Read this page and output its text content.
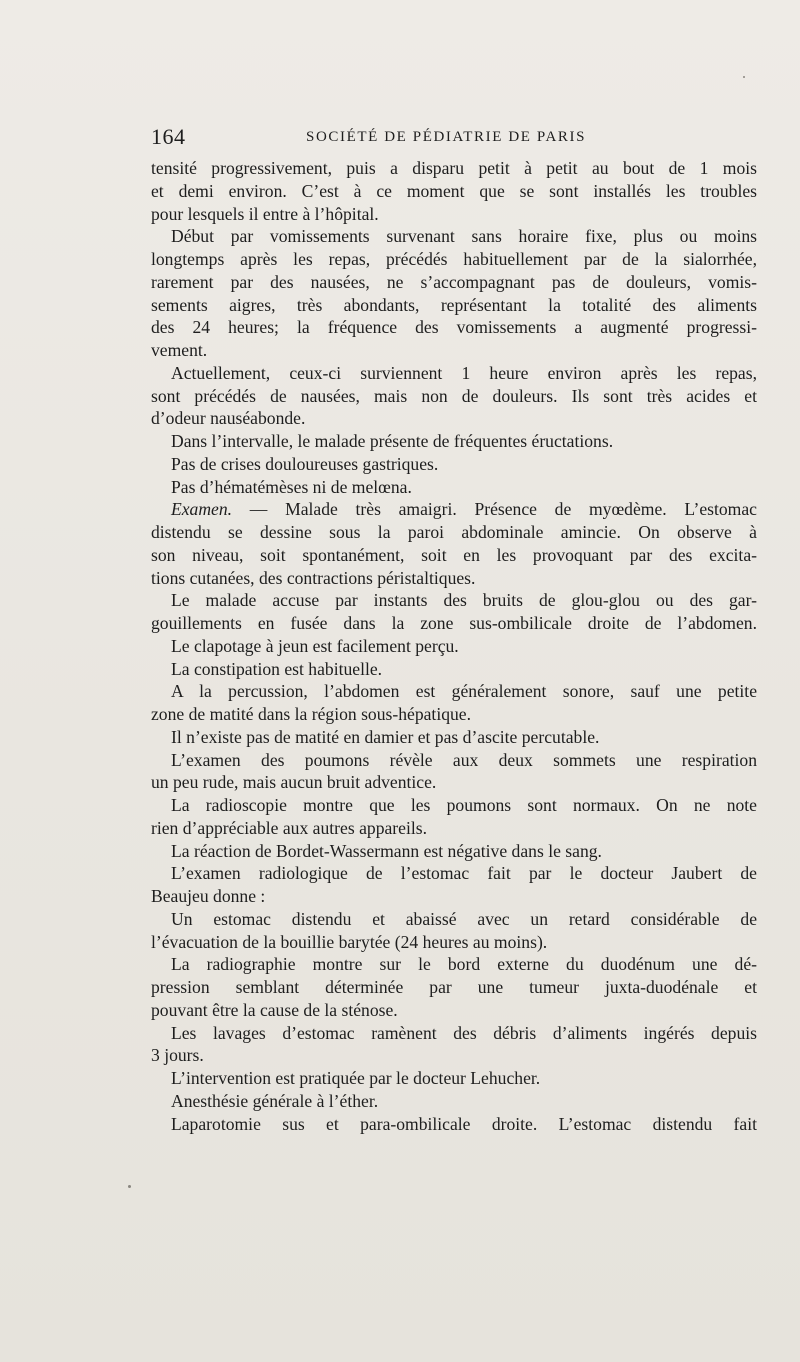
164	SOCIÉTÉ DE PÉDIATRIE DE PARIS
tensité progressivement, puis a disparu petit à petit au bout de 1 mois
et demi environ. C’est à ce moment que se sont installés les troubles
pour lesquels il entre à l’hôpital.
Début par vomissements survenant sans horaire fixe, plus ou moins
longtemps après les repas, précédés habituellement par de la sialorrhée,
rarement par des nausées, ne s’accompagnant pas de douleurs, vomis-
sements aigres, très abondants, représentant la totalité des aliments
des 24 heures; la fréquence des vomissements a augmenté progressi-
vement.
Actuellement, ceux-ci surviennent 1 heure environ après les repas,
sont précédés de nausées, mais non de douleurs. Ils sont très acides et
d’odeur nauséabonde.
Dans l’intervalle, le malade présente de fréquentes éructations.
Pas de crises douloureuses gastriques.
Pas d’hématémèses ni de melœna.
Examen. — Malade très amaigri. Présence de myœdème. L’estomac
distendu se dessine sous la paroi abdominale amincie. On observe à
son niveau, soit spontanément, soit en les provoquant par des excita-
tions cutanées, des contractions péristaltiques.
Le malade accuse par instants des bruits de glou-glou ou des gar-
gouillements en fusée dans la zone sus-ombilicale droite de l’abdomen.
Le clapotage à jeun est facilement perçu.
La constipation est habituelle.
A la percussion, l’abdomen est généralement sonore, sauf une petite
zone de matité dans la région sous-hépatique.
Il n’existe pas de matité en damier et pas d’ascite percutable.
L’examen des poumons révèle aux deux sommets une respiration
un peu rude, mais aucun bruit adventice.
La radioscopie montre que les poumons sont normaux. On ne note
rien d’appréciable aux autres appareils.
La réaction de Bordet-Wassermann est négative dans le sang.
L’examen radiologique de l’estomac fait par le docteur Jaubert de
Beaujeu donne :
Un estomac distendu et abaissé avec un retard considérable de
l’évacuation de la bouillie barytée (24 heures au moins).
La radiographie montre sur le bord externe du duodénum une dé-
pression semblant déterminée par une tumeur juxta-duodénale et
pouvant être la cause de la sténose.
Les lavages d’estomac ramènent des débris d’aliments ingérés depuis
3 jours.
L’intervention est pratiquée par le docteur Lehucher.
Anesthésie générale à l’éther.
Laparotomie sus et para-ombilicale droite. L’estomac distendu fait
